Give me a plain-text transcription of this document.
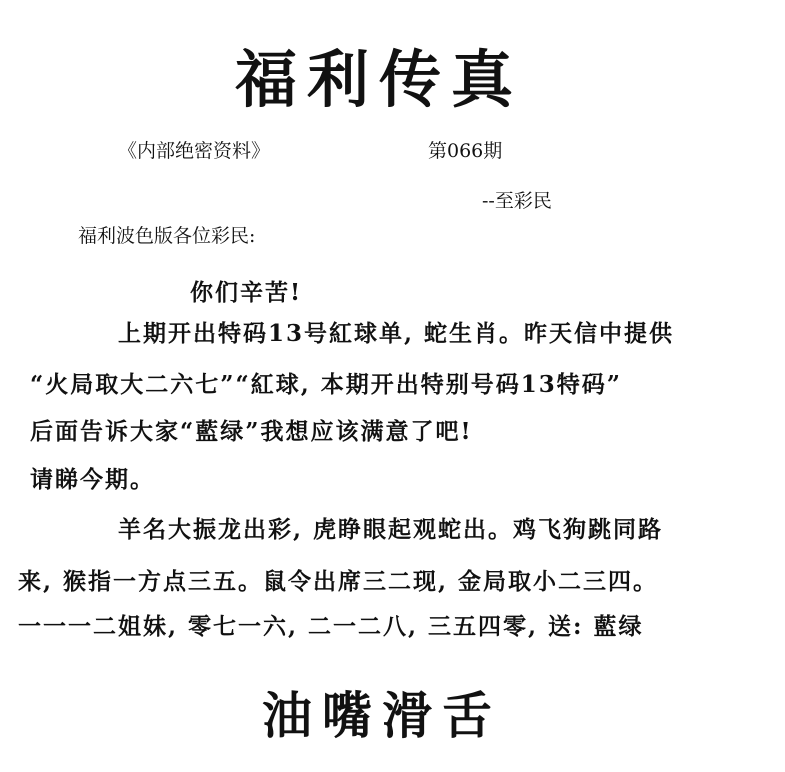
福利传真
《内部绝密资料》	第066期
--至彩民
福利波色版各位彩民:
你们辛苦!
上期开出特码13号紅球单, 蛇生肖。昨天信中提供
“火局取大二六七”“紅球, 本期开出特别号码13特码”
后面告诉大家“藍绿”我想应该满意了吧!
请睇今期。
羊名大振龙出彩, 虎睁眼起观蛇出。鸡飞狗跳同路
来, 猴指一方点三五。鼠令出席三二现, 金局取小二三四。
一一一二姐妹, 零七一六, 二一二八, 三五四零, 送: 藍绿
油嘴滑舌
